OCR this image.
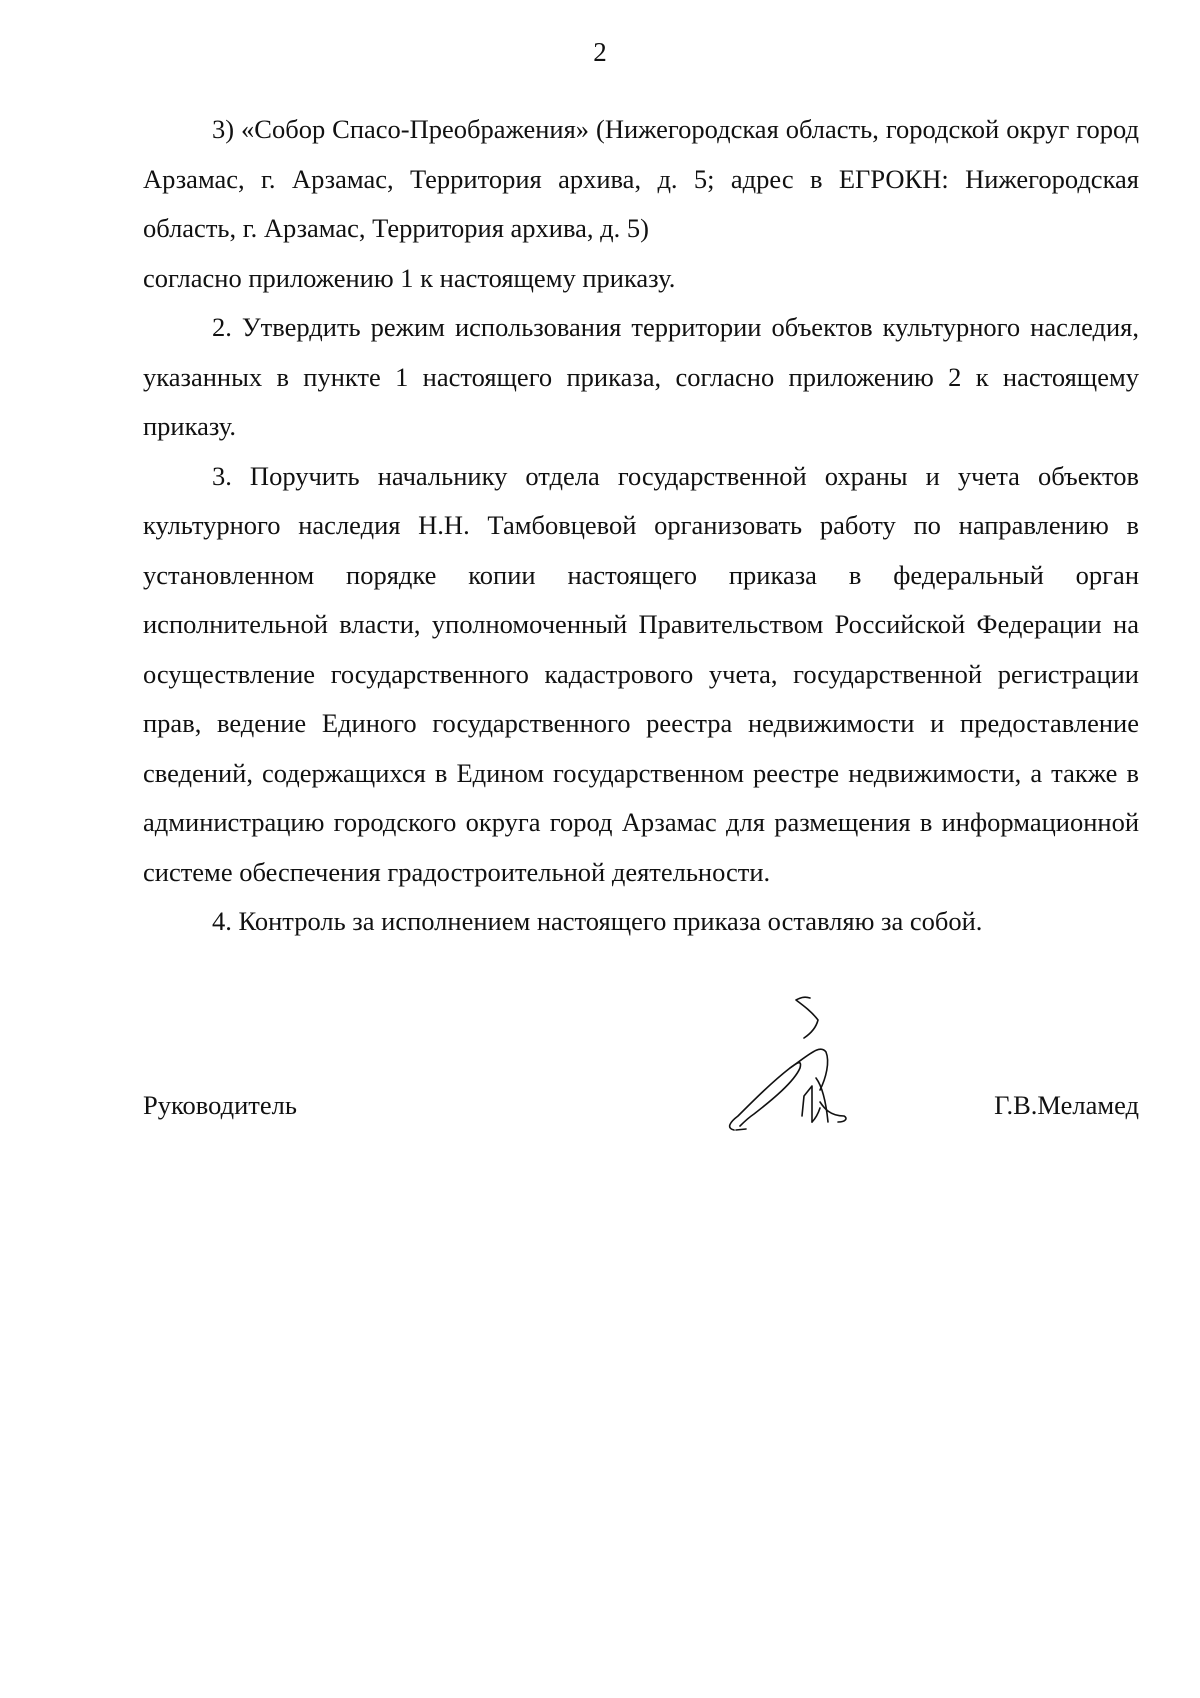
2

3) «Собор Спасо-Преображения» (Нижегородская область, городской округ город Арзамас, г. Арзамас, Территория архива, д. 5; адрес в ЕГРОКН: Нижегородская область, г. Арзамас, Территория архива, д. 5)

согласно приложению 1 к настоящему приказу.

2. Утвердить режим использования территории объектов культурного наследия, указанных в пункте 1 настоящего приказа, согласно приложению 2 к настоящему приказу.

3. Поручить начальнику отдела государственной охраны и учета объектов культурного наследия Н.Н. Тамбовцевой организовать работу по направлению в установленном порядке копии настоящего приказа в федеральный орган исполнительной власти, уполномоченный Правительством Российской Федерации на осуществление государственного кадастрового учета, государственной регистрации прав, ведение Единого государственного реестра недвижимости и предоставление сведений, содержащихся в Едином государственном реестре недвижимости, а также в администрацию городского округа город Арзамас для размещения в информационной системе обеспечения градостроительной деятельности.

4. Контроль за исполнением настоящего приказа оставляю за собой.

Руководитель	Г.В.Меламед
